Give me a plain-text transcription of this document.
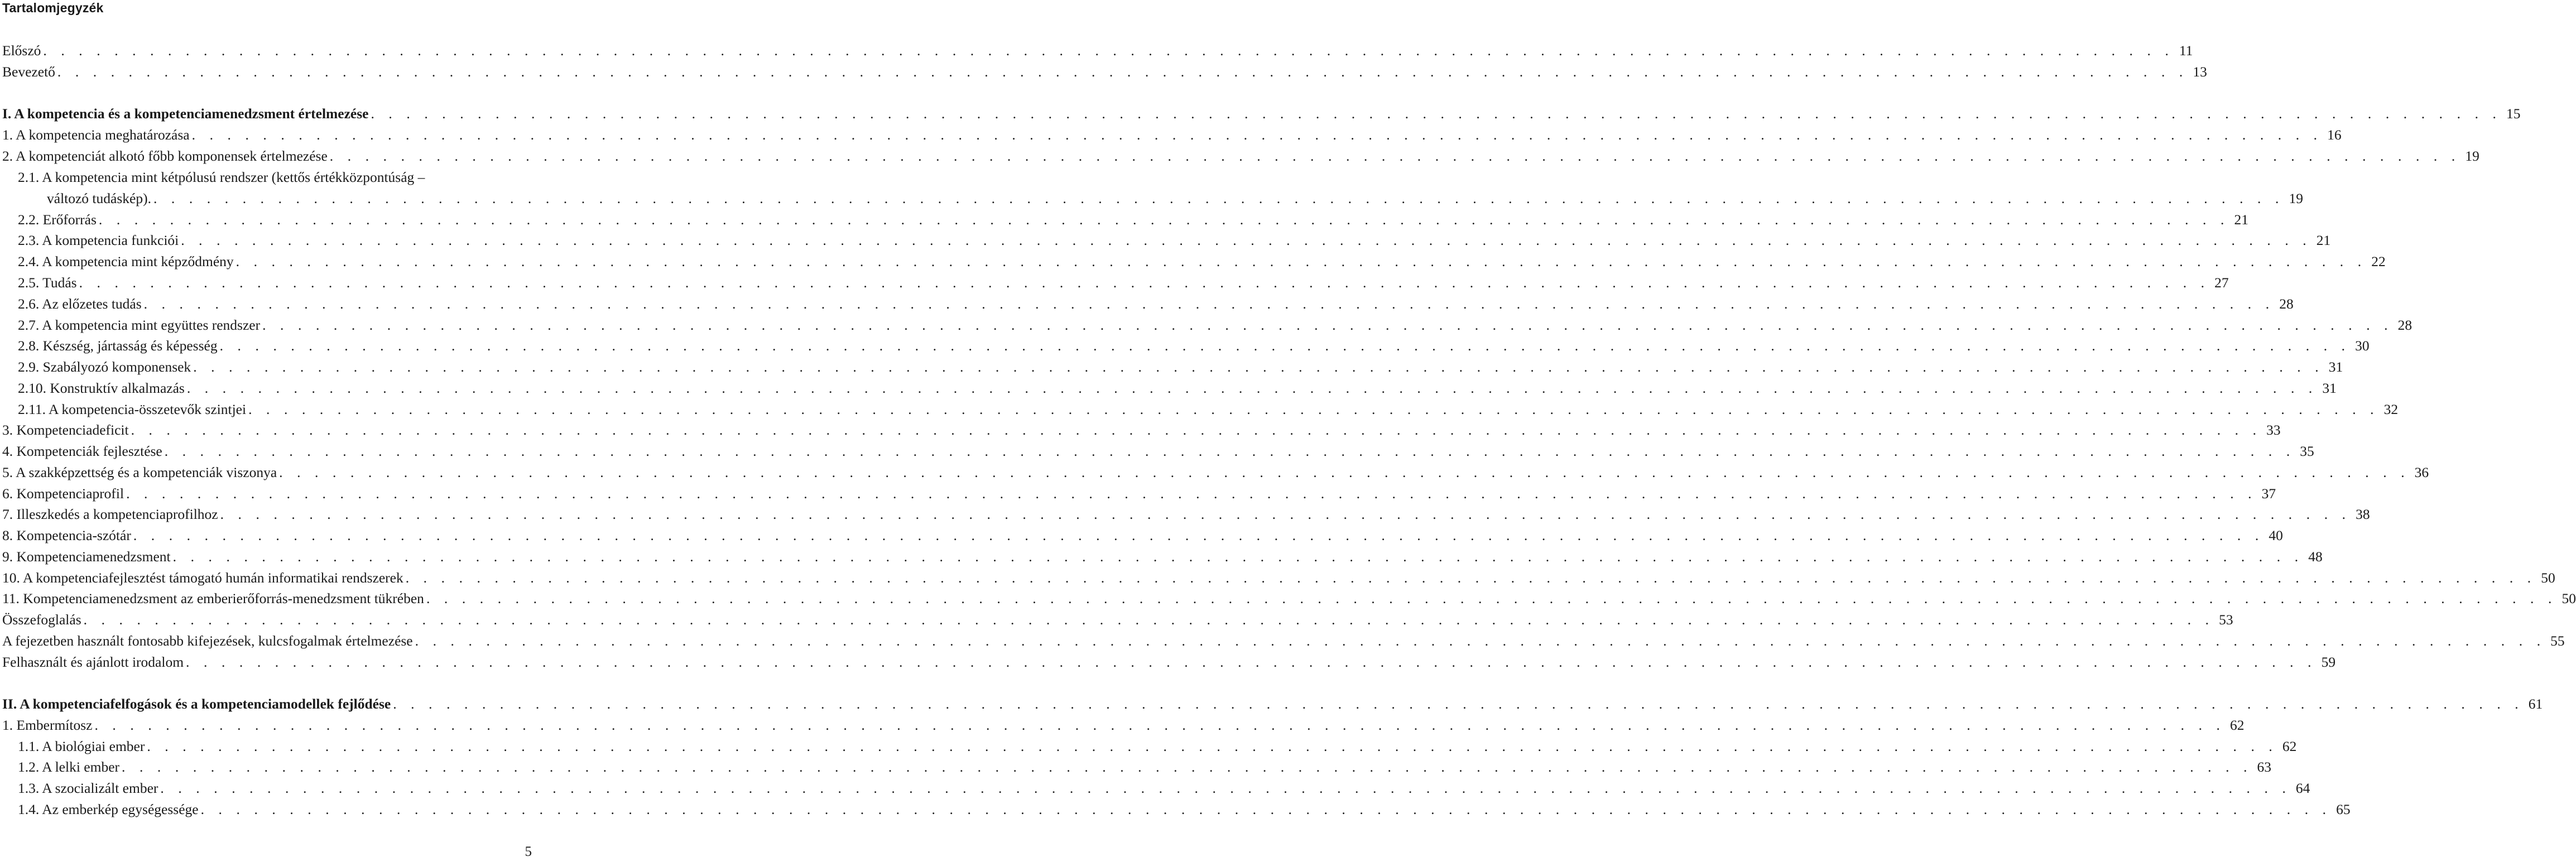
Tartalomjegyzék
Előszó . . . . . . . . . . . . . . . . . . . . . . . . . . . . . . . . . . . . . . . . . . . . . . . . . . . . . . . . . . . . . . . . . . . . . . . . . . . . . . . . . . . . . . . . . . . . . . . . . . . . . . . . . . . . . . . . . . . . . . . . 11
Bevezető . . . . . . . . . . . . . . . . . . . . . . . . . . . . . . . . . . . . . . . . . . . . . . . . . . . . . . . . . . . . . . . . . . . . . . . . . . . . . . . . . . . . . . . . . . . . . . . . . . . . . . . . . . . . . . . . . . . . . . . . 13
I. A kompetencia és a kompetenciamenedzsment értelmezése . . . . . . . . . . . . . . . . . . . . . . . . . . . . . . . . . . . . . . . . . . . . . . . . . . . . . . . . . . . . . . . . . . . . . . . . . . . . . . . . . . . . . . . . . . . . . . . . . . . . . . . . . . . . . . . . . . . . . . . . 15
1. A kompetencia meghatározása . . . . . . . . . . . . . . . . . . . . . . . . . . . . . . . . . . . . . . . . . . . . . . . . . . . . . . . . . . . . . . . . . . . . . . . . . . . . . . . . . . . . . . . . . . . . . . . . . . . . . . . . . . . . . . . . . . . . . . . . 16
2. A kompetenciát alkotó főbb komponensek értelmezése . . . . . . . . . . . . . . . . . . . . . . . . . . . . . . . . . . . . . . . . . . . . . . . . . . . . . . . . . . . . . . . . . . . . . . . . . . . . . . . . . . . . . . . . . . . . . . . . . . . . . . . . . . . . . . . . . . . . . . . . 19
2.1. A kompetencia mint kétpólusú rendszer (kettős értékközpontúság –
változó tudáskép). . . . . . . . . . . . . . . . . . . . . . . . . . . . . . . . . . . . . . . . . . . . . . . . . . . . . . . . . . . . . . . . . . . . . . . . . . . . . . . . . . . . . . . . . . . . . . . . . . . . . . . . . . . . . . . . . . . . . . . . . 19
2.2. Erőforrás . . . . . . . . . . . . . . . . . . . . . . . . . . . . . . . . . . . . . . . . . . . . . . . . . . . . . . . . . . . . . . . . . . . . . . . . . . . . . . . . . . . . . . . . . . . . . . . . . . . . . . . . . . . . . . . . . . . . . . . . 21
2.3. A kompetencia funkciói . . . . . . . . . . . . . . . . . . . . . . . . . . . . . . . . . . . . . . . . . . . . . . . . . . . . . . . . . . . . . . . . . . . . . . . . . . . . . . . . . . . . . . . . . . . . . . . . . . . . . . . . . . . . . . . . . . . . . . . . 21
2.4. A kompetencia mint képződmény . . . . . . . . . . . . . . . . . . . . . . . . . . . . . . . . . . . . . . . . . . . . . . . . . . . . . . . . . . . . . . . . . . . . . . . . . . . . . . . . . . . . . . . . . . . . . . . . . . . . . . . . . . . . . . . . . . . . . . . . 22
2.5. Tudás . . . . . . . . . . . . . . . . . . . . . . . . . . . . . . . . . . . . . . . . . . . . . . . . . . . . . . . . . . . . . . . . . . . . . . . . . . . . . . . . . . . . . . . . . . . . . . . . . . . . . . . . . . . . . . . . . . . . . . . . 27
2.6. Az előzetes tudás . . . . . . . . . . . . . . . . . . . . . . . . . . . . . . . . . . . . . . . . . . . . . . . . . . . . . . . . . . . . . . . . . . . . . . . . . . . . . . . . . . . . . . . . . . . . . . . . . . . . . . . . . . . . . . . . . . . . . . . . 28
2.7. A kompetencia mint együttes rendszer . . . . . . . . . . . . . . . . . . . . . . . . . . . . . . . . . . . . . . . . . . . . . . . . . . . . . . . . . . . . . . . . . . . . . . . . . . . . . . . . . . . . . . . . . . . . . . . . . . . . . . . . . . . . . . . . . . . . . . . . 28
2.8. Készség, jártasság és képesség . . . . . . . . . . . . . . . . . . . . . . . . . . . . . . . . . . . . . . . . . . . . . . . . . . . . . . . . . . . . . . . . . . . . . . . . . . . . . . . . . . . . . . . . . . . . . . . . . . . . . . . . . . . . . . . . . . . . . . . . 30
2.9. Szabályozó komponensek . . . . . . . . . . . . . . . . . . . . . . . . . . . . . . . . . . . . . . . . . . . . . . . . . . . . . . . . . . . . . . . . . . . . . . . . . . . . . . . . . . . . . . . . . . . . . . . . . . . . . . . . . . . . . . . . . . . . . . . . 31
2.10. Konstruktív alkalmazás . . . . . . . . . . . . . . . . . . . . . . . . . . . . . . . . . . . . . . . . . . . . . . . . . . . . . . . . . . . . . . . . . . . . . . . . . . . . . . . . . . . . . . . . . . . . . . . . . . . . . . . . . . . . . . . . . . . . . . . . 31
2.11. A kompetencia-összetevők szintjei . . . . . . . . . . . . . . . . . . . . . . . . . . . . . . . . . . . . . . . . . . . . . . . . . . . . . . . . . . . . . . . . . . . . . . . . . . . . . . . . . . . . . . . . . . . . . . . . . . . . . . . . . . . . . . . . . . . . . . . . 32
3. Kompetenciadeficit . . . . . . . . . . . . . . . . . . . . . . . . . . . . . . . . . . . . . . . . . . . . . . . . . . . . . . . . . . . . . . . . . . . . . . . . . . . . . . . . . . . . . . . . . . . . . . . . . . . . . . . . . . . . . . . . . . . . . . . . 33
4. Kompetenciák fejlesztése . . . . . . . . . . . . . . . . . . . . . . . . . . . . . . . . . . . . . . . . . . . . . . . . . . . . . . . . . . . . . . . . . . . . . . . . . . . . . . . . . . . . . . . . . . . . . . . . . . . . . . . . . . . . . . . . . . . . . . . . 35
5. A szakképzettség és a kompetenciák viszonya . . . . . . . . . . . . . . . . . . . . . . . . . . . . . . . . . . . . . . . . . . . . . . . . . . . . . . . . . . . . . . . . . . . . . . . . . . . . . . . . . . . . . . . . . . . . . . . . . . . . . . . . . . . . . . . . . . . . . . . . 36
6. Kompetenciaprofil . . . . . . . . . . . . . . . . . . . . . . . . . . . . . . . . . . . . . . . . . . . . . . . . . . . . . . . . . . . . . . . . . . . . . . . . . . . . . . . . . . . . . . . . . . . . . . . . . . . . . . . . . . . . . . . . . . . . . . . . 37
7. Illeszkedés a kompetenciaprofilhoz . . . . . . . . . . . . . . . . . . . . . . . . . . . . . . . . . . . . . . . . . . . . . . . . . . . . . . . . . . . . . . . . . . . . . . . . . . . . . . . . . . . . . . . . . . . . . . . . . . . . . . . . . . . . . . . . . . . . . . . . 38
8. Kompetencia-szótár . . . . . . . . . . . . . . . . . . . . . . . . . . . . . . . . . . . . . . . . . . . . . . . . . . . . . . . . . . . . . . . . . . . . . . . . . . . . . . . . . . . . . . . . . . . . . . . . . . . . . . . . . . . . . . . . . . . . . . . . 40
9. Kompetenciamenedzsment . . . . . . . . . . . . . . . . . . . . . . . . . . . . . . . . . . . . . . . . . . . . . . . . . . . . . . . . . . . . . . . . . . . . . . . . . . . . . . . . . . . . . . . . . . . . . . . . . . . . . . . . . . . . . . . . . . . . . . . . 48
10. A kompetenciafejlesztést támogató humán informatikai rendszerek . . . . . . . . . . . . . . . . . . . . . . . . . . . . . . . . . . . . . . . . . . . . . . . . . . . . . . . . . . . . . . . . . . . . . . . . . . . . . . . . . . . . . . . . . . . . . . . . . . . . . . . . . . . . . . . . . . . . . . . . 50
11. Kompetenciamenedzsment az emberierőforrás-menedzsment tükrében . . . . . . . . . . . . . . . . . . . . . . . . . . . . . . . . . . . . . . . . . . . . . . . . . . . . . . . . . . . . . . . . . . . . . . . . . . . . . . . . . . . . . . . . . . . . . . . . . . . . . . . . . . . . . . . . . . . . . . . . 50
Összefoglalás . . . . . . . . . . . . . . . . . . . . . . . . . . . . . . . . . . . . . . . . . . . . . . . . . . . . . . . . . . . . . . . . . . . . . . . . . . . . . . . . . . . . . . . . . . . . . . . . . . . . . . . . . . . . . . . . . . . . . . . . 53
A fejezetben használt fontosabb kifejezések, kulcsfogalmak értelmezése . . . . . . . . . . . . . . . . . . . . . . . . . . . . . . . . . . . . . . . . . . . . . . . . . . . . . . . . . . . . . . . . . . . . . . . . . . . . . . . . . . . . . . . . . . . . . . . . . . . . . . . . . . . . . . . . . . . . . . . . 55
Felhasznált és ajánlott irodalom . . . . . . . . . . . . . . . . . . . . . . . . . . . . . . . . . . . . . . . . . . . . . . . . . . . . . . . . . . . . . . . . . . . . . . . . . . . . . . . . . . . . . . . . . . . . . . . . . . . . . . . . . . . . . . . . . . . . . . . . 59
II. A kompetenciafelfogások és a kompetenciamodellek fejlődése . . . . . . . . . . . . . . . . . . . . . . . . . . . . . . . . . . . . . . . . . . . . . . . . . . . . . . . . . . . . . . . . . . . . . . . . . . . . . . . . . . . . . . . . . . . . . . . . . . . . . . . . . . . . . . . . . . . . . . . . 61
1. Embermítosz . . . . . . . . . . . . . . . . . . . . . . . . . . . . . . . . . . . . . . . . . . . . . . . . . . . . . . . . . . . . . . . . . . . . . . . . . . . . . . . . . . . . . . . . . . . . . . . . . . . . . . . . . . . . . . . . . . . . . . . . 62
1.1. A biológiai ember . . . . . . . . . . . . . . . . . . . . . . . . . . . . . . . . . . . . . . . . . . . . . . . . . . . . . . . . . . . . . . . . . . . . . . . . . . . . . . . . . . . . . . . . . . . . . . . . . . . . . . . . . . . . . . . . . . . . . . . . 62
1.2. A lelki ember . . . . . . . . . . . . . . . . . . . . . . . . . . . . . . . . . . . . . . . . . . . . . . . . . . . . . . . . . . . . . . . . . . . . . . . . . . . . . . . . . . . . . . . . . . . . . . . . . . . . . . . . . . . . . . . . . . . . . . . . 63
1.3. A szocializált ember . . . . . . . . . . . . . . . . . . . . . . . . . . . . . . . . . . . . . . . . . . . . . . . . . . . . . . . . . . . . . . . . . . . . . . . . . . . . . . . . . . . . . . . . . . . . . . . . . . . . . . . . . . . . . . . . . . . . . . . . 64
1.4. Az emberkép egységessége . . . . . . . . . . . . . . . . . . . . . . . . . . . . . . . . . . . . . . . . . . . . . . . . . . . . . . . . . . . . . . . . . . . . . . . . . . . . . . . . . . . . . . . . . . . . . . . . . . . . . . . . . . . . . . . . . . . . . . . . 65
5
